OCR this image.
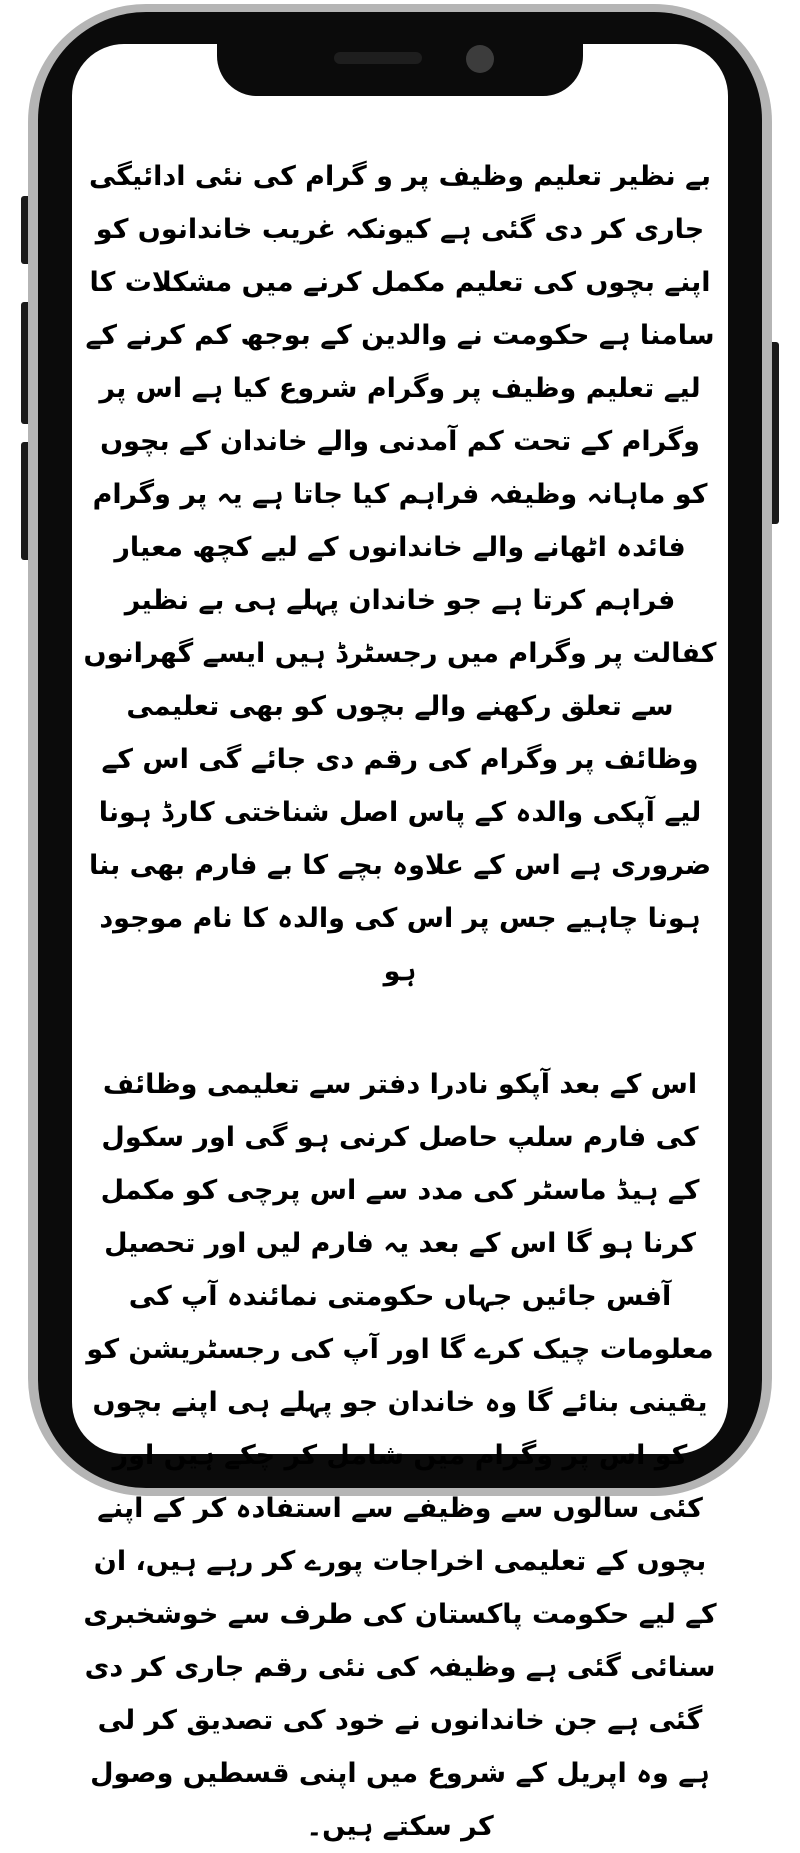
بے نظیر تعلیم وظیف پر و گرام کی نئی ادائیگی جاری کر دی گئی ہے کیونکہ غریب خاندانوں کو اپنے بچوں کی تعلیم مکمل کرنے میں مشکلات کا سامنا ہے حکومت نے والدین کے بوجھ کم کرنے کے لیے تعلیم وظیف پر وگرام شروع کیا ہے اس پر وگرام کے تحت کم آمدنی والے خاندان کے بچوں کو ماہانہ وظیفہ فراہم کیا جاتا ہے یہ پر وگرام فائدہ اٹھانے والے خاندانوں کے لیے کچھ معیار فراہم کرتا ہے جو خاندان پہلے ہی بے نظیر کفالت پر وگرام میں رجسٹرڈ ہیں ایسے گھرانوں سے تعلق رکھنے والے بچوں کو بھی تعلیمی وظائف پر وگرام کی رقم دی جائے گی اس کے لیے آپکی والدہ کے پاس اصل شناختی کارڈ ہونا ضروری ہے اس کے علاوہ بچے کا بے فارم بھی بنا ہونا چاہیے جس پر اس کی والدہ کا نام موجود ہو

اس کے بعد آپکو نادرا دفتر سے تعلیمی وظائف کی فارم سلپ حاصل کرنی ہو گی اور سکول کے ہیڈ ماسٹر کی مدد سے اس پرچی کو مکمل کرنا ہو گا اس کے بعد یہ فارم لیں اور تحصیل آفس جائیں جہاں حکومتی نمائندہ آپ کی معلومات چیک کرے گا اور آپ کی رجسٹریشن کو یقینی بنائے گا وہ خاندان جو پہلے ہی اپنے بچوں کو اس پر وگرام میں شامل کر چکے ہیں اور کئی سالوں سے وظیفے سے استفادہ کر کے اپنے بچوں کے تعلیمی اخراجات پورے کر رہے ہیں، ان کے لیے حکومت پاکستان کی طرف سے خوشخبری سنائی گئی ہے وظیفہ کی نئی رقم جاری کر دی گئی ہے جن خاندانوں نے خود کی تصدیق کر لی ہے وہ اپریل کے شروع میں اپنی قسطیں وصول کر سکتے ہیں۔
